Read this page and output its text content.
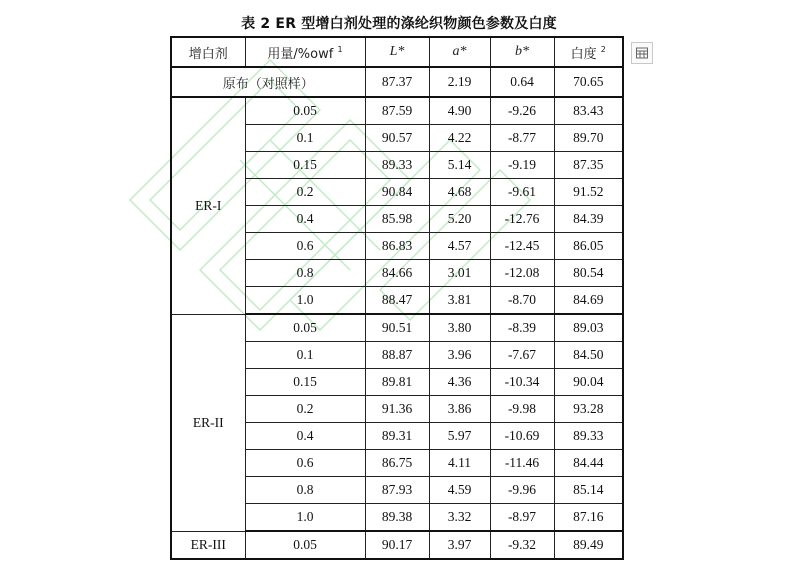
表 2 ER 型增白剂处理的涤纶织物颜色参数及白度
增白剂	用量/%owf $^1$	L*	a*	b*	白度 $^2$
原布（对照样）		87.37	2.19	0.64	70.65
ER-I	0.05	87.59	4.90	-9.26	83.43
	0.1	90.57	4.22	-8.77	89.70
	0.15	89.33	5.14	-9.19	87.35
	0.2	90.84	4.68	-9.61	91.52
	0.4	85.98	5.20	-12.76	84.39
	0.6	86.83	4.57	-12.45	86.05
	0.8	84.66	3.01	-12.08	80.54
	1.0	88.47	3.81	-8.70	84.69
ER-II	0.05	90.51	3.80	-8.39	89.03
	0.1	88.87	3.96	-7.67	84.50
	0.15	89.81	4.36	-10.34	90.04
	0.2	91.36	3.86	-9.98	93.28
	0.4	89.31	5.97	-10.69	89.33
	0.6	86.75	4.11	-11.46	84.44
	0.8	87.93	4.59	-9.96	85.14
	1.0	89.38	3.32	-8.97	87.16
ER-III	0.05	90.17	3.97	-9.32	89.49
